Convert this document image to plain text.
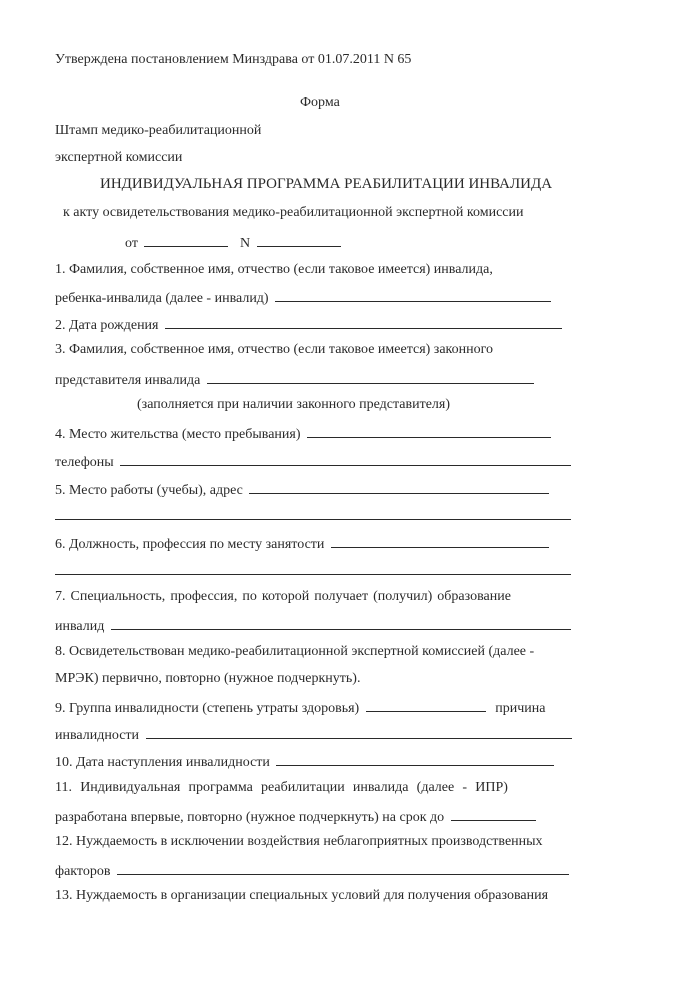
Утверждена постановлением Минздрава от 01.07.2011 N 65
Форма
Штамп медико-реабилитационной
экспертной комиссии
ИНДИВИДУАЛЬНАЯ ПРОГРАММА РЕАБИЛИТАЦИИ ИНВАЛИДА
к акту освидетельствования медико-реабилитационной экспертной комиссии
от	N
1. Фамилия, собственное имя, отчество (если таковое имеется) инвалида,
ребенка-инвалида (далее - инвалид)
2. Дата рождения
3. Фамилия, собственное имя, отчество (если таковое имеется) законного
представителя инвалида
(заполняется при наличии законного представителя)
4. Место жительства (место пребывания)
телефоны
5. Место работы (учебы), адрес
6. Должность, профессия по месту занятости
7. Специальность, профессия, по которой получает (получил) образование
инвалид
8. Освидетельствован медико-реабилитационной экспертной комиссией (далее -
МРЭК) первично, повторно (нужное подчеркнуть).
9. Группа инвалидности (степень утраты здоровья)	причина
инвалидности
10. Дата наступления инвалидности
11. Индивидуальная программа реабилитации инвалида (далее - ИПР)
разработана впервые, повторно (нужное подчеркнуть) на срок до
12. Нуждаемость в исключении воздействия неблагоприятных производственных
факторов
13. Нуждаемость в организации специальных условий для получения образования
